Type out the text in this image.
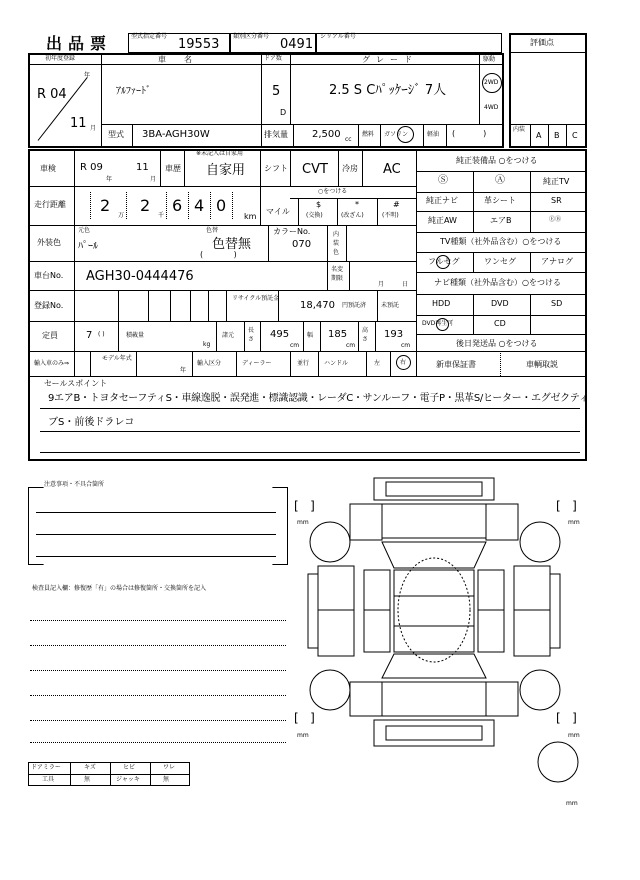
出品票	型式指定番号
19553
類別区分番号
0491
シリアル番号
評価点
初年度登録
R 04
年
11 月
車名
ｱﾙﾌｧｰﾄﾞ
ドア数
5
D
グレード
2.5 S Cﾊﾟｯｹｰｼﾞ 7人
駆動
2WD
4WD
型式 3BA-AGH30W	排気量 2,500 cc
燃料 ガソリン	軽油 (           )	内装
A B C
車検 R 09
年
11
月
車歴
※未記入は自家用
自家用 シフト CVT 冷房 AC
走行距離 2
万
2
千
6 4 0
km
○をつける
マイル
$
(交換)
*
(改ざん)
#
(不明)
外装色
元色
ﾊﾟｰﾙ
色替
色替無
(            )
カラーNo.
070
内装色
車台No. AGH30-0444476	名変期限
月	日
登録No.
リサイクル預託金
18,470 円預託済 未預託
定員	7 ( )	積載量
kg
諸元
長さ 495
cm
幅 185
cm
高さ 193
cm
輸入車のみ⇒
モデル年式
年
輸入区分	ディーラー	並行 ハンドル	左	右
純正装備品 ○をつける
Ⓢ	Ⓐ	純正TV
純正ナビ	革シート	SR
純正AW	エアB	ⒺⒷ
TV種類（社外品含む）○をつける
フルセグ	ワンセグ	アナログ
ナビ種類（社外品含む）○をつける
HDD	DVD	SD
DVD再生可	CD
後日発送品 ○をつける
新車保証書	車輌取説
セールスポイント
9エアB・トヨタセーフティS・車線逸脱・誤発進・標識認識・レーダC・サンルーフ・電子P・黒革S/ヒーター・エグゼクティ
ブS・前後ドラレコ
注意事項・不具合箇所
検査員記入欄：修復歴「有」の場合は修復箇所・交換箇所を記入
ドアミラー	キズ	ヒビ	ワレ
工具	無	ジャッキ	無
[   ]	[   ]
[   ]	[   ]
mm	mm
mm	mm
mm
